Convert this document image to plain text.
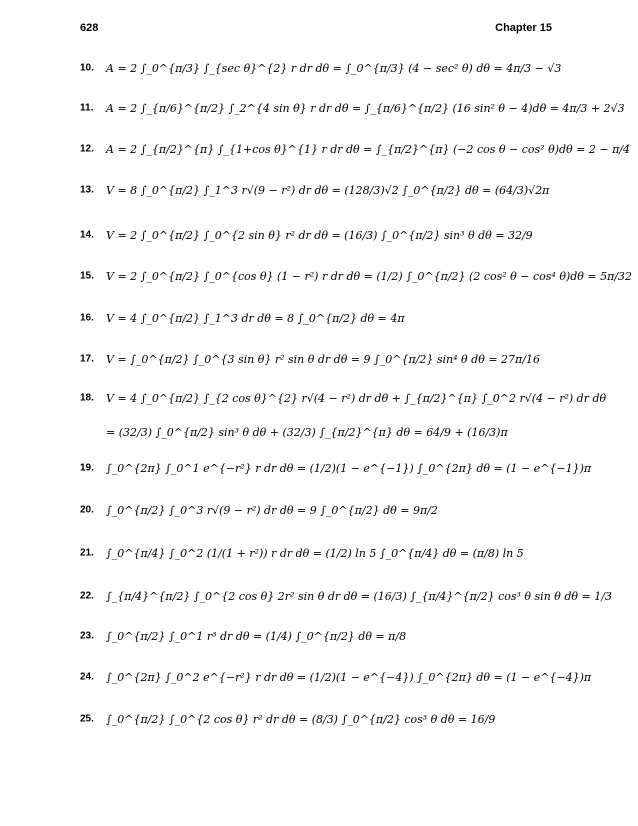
628	Chapter 15
10. A = 2 ∫_0^{π/3} ∫_{sec θ}^{2} r dr dθ = ∫_0^{π/3} (4 − sec² θ) dθ = 4π/3 − √3
11. A = 2 ∫_{π/6}^{π/2} ∫_2^{4 sin θ} r dr dθ = ∫_{π/6}^{π/2} (16 sin² θ − 4)dθ = 4π/3 + 2√3
12. A = 2 ∫_{π/2}^{π} ∫_{1+cos θ}^{1} r dr dθ = ∫_{π/2}^{π} (−2 cos θ − cos² θ)dθ = 2 − π/4
13. V = 8 ∫_0^{π/2} ∫_1^3 r√(9 − r²) dr dθ = (128/3)√2 ∫_0^{π/2} dθ = (64/3)√2π
14. V = 2 ∫_0^{π/2} ∫_0^{2 sin θ} r² dr dθ = (16/3) ∫_0^{π/2} sin³ θ dθ = 32/9
15. V = 2 ∫_0^{π/2} ∫_0^{cos θ} (1 − r²) r dr dθ = (1/2) ∫_0^{π/2} (2 cos² θ − cos⁴ θ)dθ = 5π/32
16. V = 4 ∫_0^{π/2} ∫_1^3 dr dθ = 8 ∫_0^{π/2} dθ = 4π
17. V = ∫_0^{π/2} ∫_0^{3 sin θ} r² sin θ dr dθ = 9 ∫_0^{π/2} sin⁴ θ dθ = 27π/16
18. V = 4 ∫_0^{π/2} ∫_{2 cos θ}^{2} r√(4 − r²) dr dθ + ∫_{π/2}^{π} ∫_0^2 r√(4 − r²) dr dθ
= (32/3) ∫_0^{π/2} sin³ θ dθ + (32/3) ∫_{π/2}^{π} dθ = 64/9 + (16/3)π
19. ∫_0^{2π} ∫_0^1 e^{−r²} r dr dθ = (1/2)(1 − e^{−1}) ∫_0^{2π} dθ = (1 − e^{−1})π
20. ∫_0^{π/2} ∫_0^3 r√(9 − r²) dr dθ = 9 ∫_0^{π/2} dθ = 9π/2
21. ∫_0^{π/4} ∫_0^2 (1/(1 + r²)) r dr dθ = (1/2) ln 5 ∫_0^{π/4} dθ = (π/8) ln 5
22. ∫_{π/4}^{π/2} ∫_0^{2 cos θ} 2r² sin θ dr dθ = (16/3) ∫_{π/4}^{π/2} cos³ θ sin θ dθ = 1/3
23. ∫_0^{π/2} ∫_0^1 r³ dr dθ = (1/4) ∫_0^{π/2} dθ = π/8
24. ∫_0^{2π} ∫_0^2 e^{−r²} r dr dθ = (1/2)(1 − e^{−4}) ∫_0^{2π} dθ = (1 − e^{−4})π
25. ∫_0^{π/2} ∫_0^{2 cos θ} r² dr dθ = (8/3) ∫_0^{π/2} cos³ θ dθ = 16/9
